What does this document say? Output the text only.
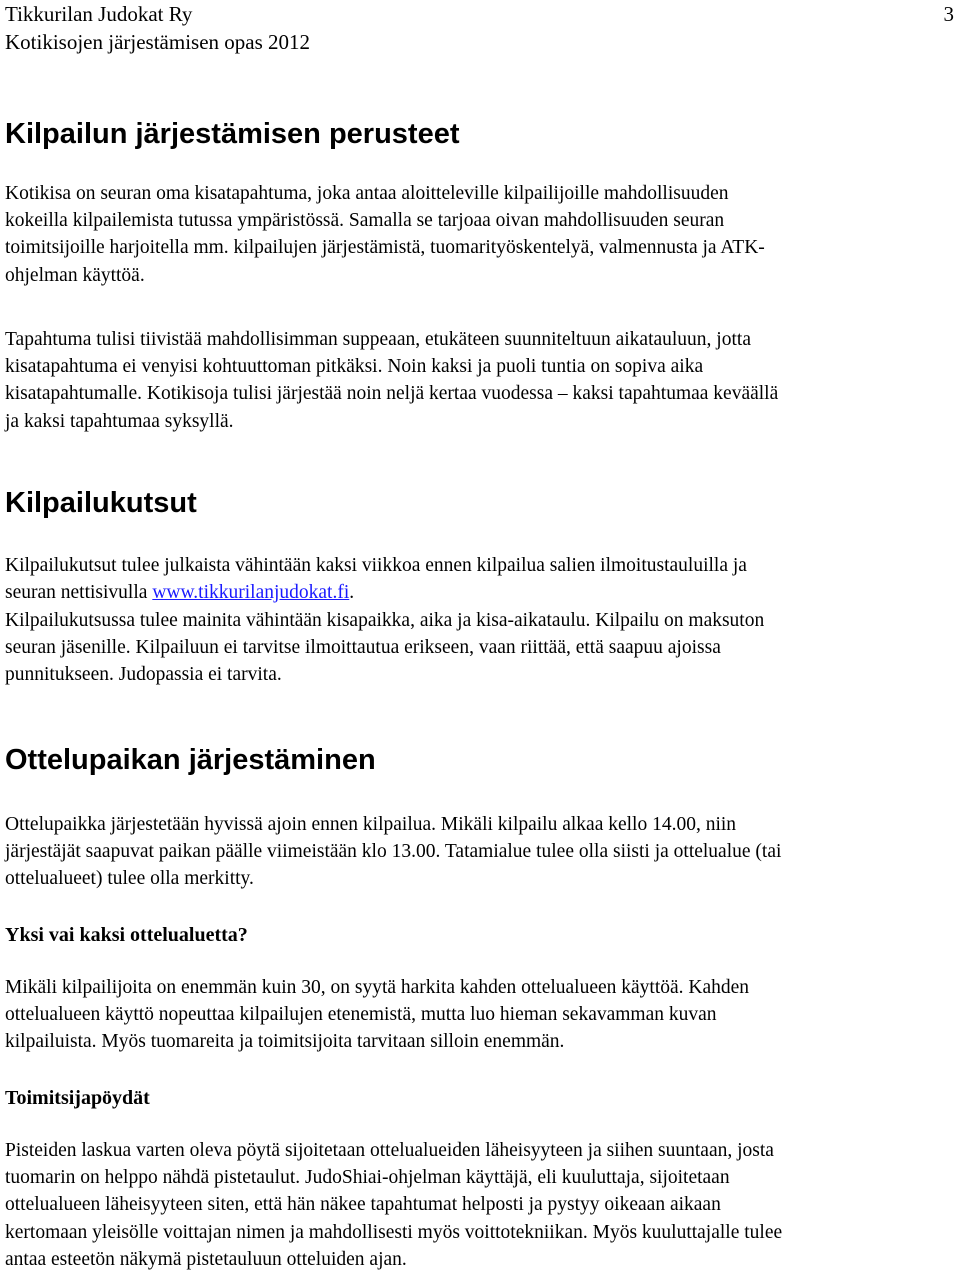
Tikkurilan Judokat Ry
Kotikisojen järjestämisen opas 2012
3
Kilpailun järjestämisen perusteet

Kotikisa on seuran oma kisatapahtuma, joka antaa aloitteleville kilpailijoille mahdollisuuden
kokeilla kilpailemista tutussa ympäristössä. Samalla se tarjoaa oivan mahdollisuuden seuran
toimitsijoille harjoitella mm. kilpailujen järjestämistä, tuomarityöskentelyä, valmennusta ja ATK-
ohjelman käyttöä.

Tapahtuma tulisi tiivistää mahdollisimman suppeaan, etukäteen suunniteltuun aikatauluun, jotta
kisatapahtuma ei venyisi kohtuuttoman pitkäksi. Noin kaksi ja puoli tuntia on sopiva aika
kisatapahtumalle. Kotikisoja tulisi järjestää noin neljä kertaa vuodessa – kaksi tapahtumaa keväällä
ja kaksi tapahtumaa syksyllä.

Kilpailukutsut

Kilpailukutsut tulee julkaista vähintään kaksi viikkoa ennen kilpailua salien ilmoitustauluilla ja
seuran nettisivulla www.tikkurilanjudokat.fi.

Kilpailukutsussa tulee mainita vähintään kisapaikka, aika ja kisa-aikataulu. Kilpailu on maksuton
seuran jäsenille. Kilpailuun ei tarvitse ilmoittautua erikseen, vaan riittää, että saapuu ajoissa
punnitukseen. Judopassia ei tarvita.

Ottelupaikan järjestäminen

Ottelupaikka järjestetään hyvissä ajoin ennen kilpailua. Mikäli kilpailu alkaa kello 14.00, niin
järjestäjät saapuvat paikan päälle viimeistään klo 13.00. Tatamialue tulee olla siisti ja ottelualue (tai
ottelualueet) tulee olla merkitty.

Yksi vai kaksi ottelualuetta?

Mikäli kilpailijoita on enemmän kuin 30, on syytä harkita kahden ottelualueen käyttöä. Kahden
ottelualueen käyttö nopeuttaa kilpailujen etenemistä, mutta luo hieman sekavamman kuvan
kilpailuista. Myös tuomareita ja toimitsijoita tarvitaan silloin enemmän.

Toimitsijapöydät

Pisteiden laskua varten oleva pöytä sijoitetaan ottelualueiden läheisyyteen ja siihen suuntaan, josta
tuomarin on helppo nähdä pistetaulut. JudoShiai-ohjelman käyttäjä, eli kuuluttaja, sijoitetaan
ottelualueen läheisyyteen siten, että hän näkee tapahtumat helposti ja pystyy oikeaan aikaan
kertomaan yleisölle voittajan nimen ja mahdollisesti myös voittotekniikan. Myös kuuluttajalle tulee
antaa esteetön näkymä pistetauluun otteluiden ajan.
